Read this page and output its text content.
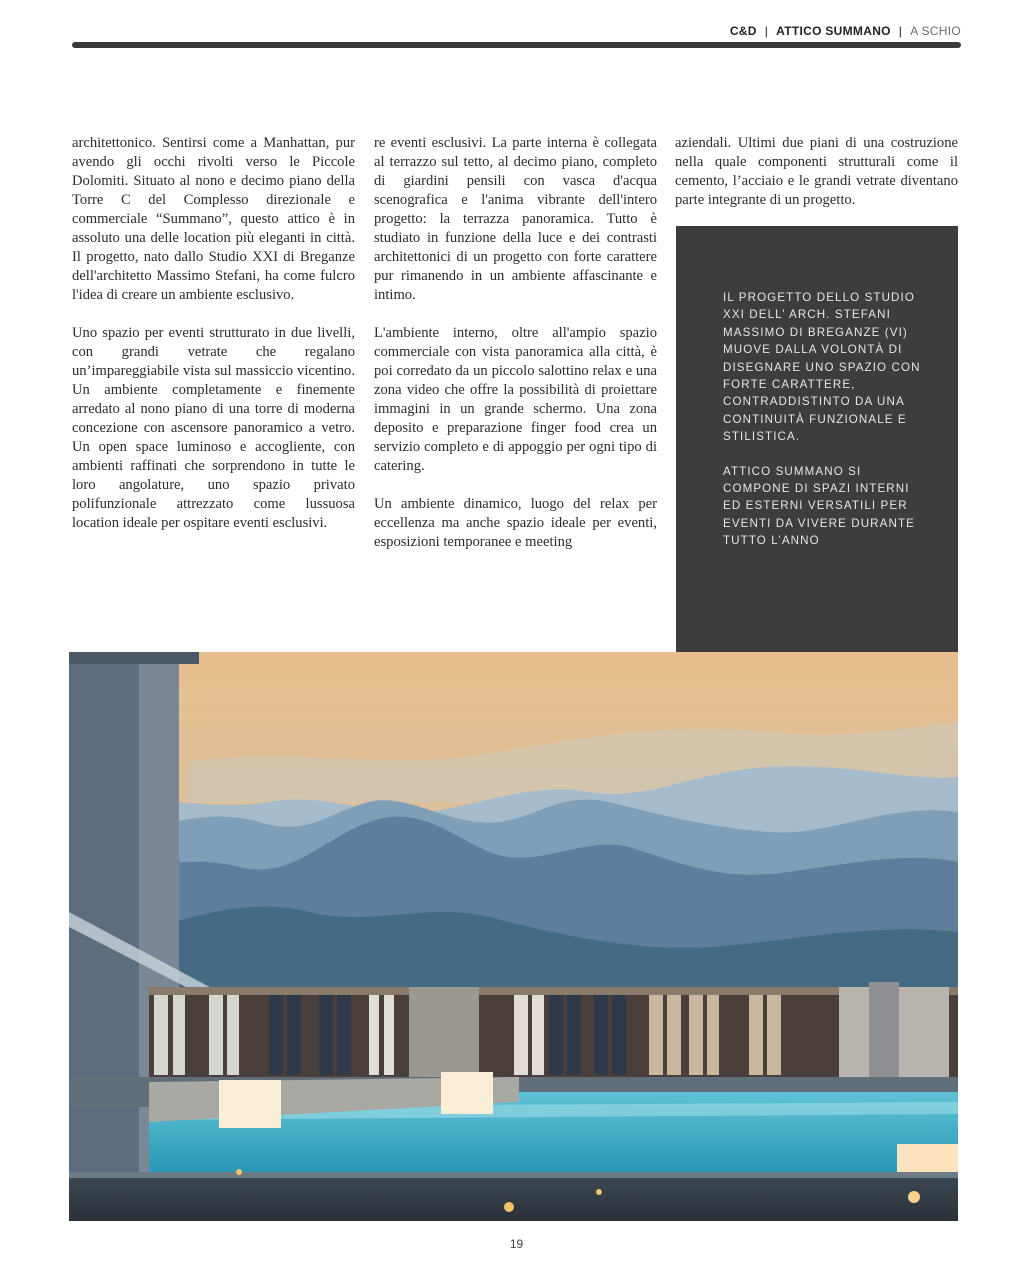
C&D | ATTICO SUMMANO | A SCHIO

architettonico. Sentirsi come a Manhattan, pur avendo gli occhi rivolti verso le Piccole Dolomiti. Situato al nono e decimo piano della Torre C del Complesso direzionale e commerciale “Summano”, questo attico è in assoluto una delle location più eleganti in città. Il progetto, nato dallo Studio XXI di Breganze dell'architetto Massimo Stefani, ha come fulcro l'idea di creare un ambiente esclusivo.

Uno spazio per eventi strutturato in due livelli, con grandi vetrate che regalano un’impareggiabile vista sul massiccio vicentino. Un ambiente completamente e finemente arredato al nono piano di una torre di moderna concezione con ascensore panoramico a vetro. Un open space luminoso e accogliente, con ambienti raffinati che sorprendono in tutte le loro angolature, uno spazio privato polifunzionale attrezzato come lussuosa location ideale per ospitare eventi esclusivi.

re eventi esclusivi. La parte interna è collegata al terrazzo sul tetto, al decimo piano, completo di giardini pensili con vasca d'acqua scenografica e l'anima vibrante dell'intero progetto: la terrazza panoramica. Tutto è studiato in funzione della luce e dei contrasti architettonici di un progetto con forte carattere pur rimanendo in un ambiente affascinante e intimo.

L'ambiente interno, oltre all'ampio spazio commerciale con vista panoramica alla città, è poi corredato da un piccolo salottino relax e una zona video che offre la possibilità di proiettare immagini in un grande schermo. Una zona deposito e preparazione finger food crea un servizio completo e di appoggio per ogni tipo di catering.

Un ambiente dinamico, luogo del relax per eccellenza ma anche spazio ideale per eventi, esposizioni temporanee e meeting

aziendali. Ultimi due piani di una costruzione nella quale componenti strutturali come il cemento, l’acciaio e le grandi vetrate diventano parte integrante di un progetto.

IL PROGETTO DELLO STUDIO XXI DELL’ ARCH. STEFANI MASSIMO DI BREGANZE (VI) MUOVE DALLA VOLONTÀ DI DISEGNARE UNO SPAZIO CON FORTE CARATTERE, CONTRADDISTINTO DA UNA CONTINUITÀ FUNZIONALE E STILISTICA.

ATTICO SUMMANO SI COMPONE DI SPAZI INTERNI ED ESTERNI VERSATILI PER EVENTI DA VIVERE DURANTE TUTTO L’ANNO

19
